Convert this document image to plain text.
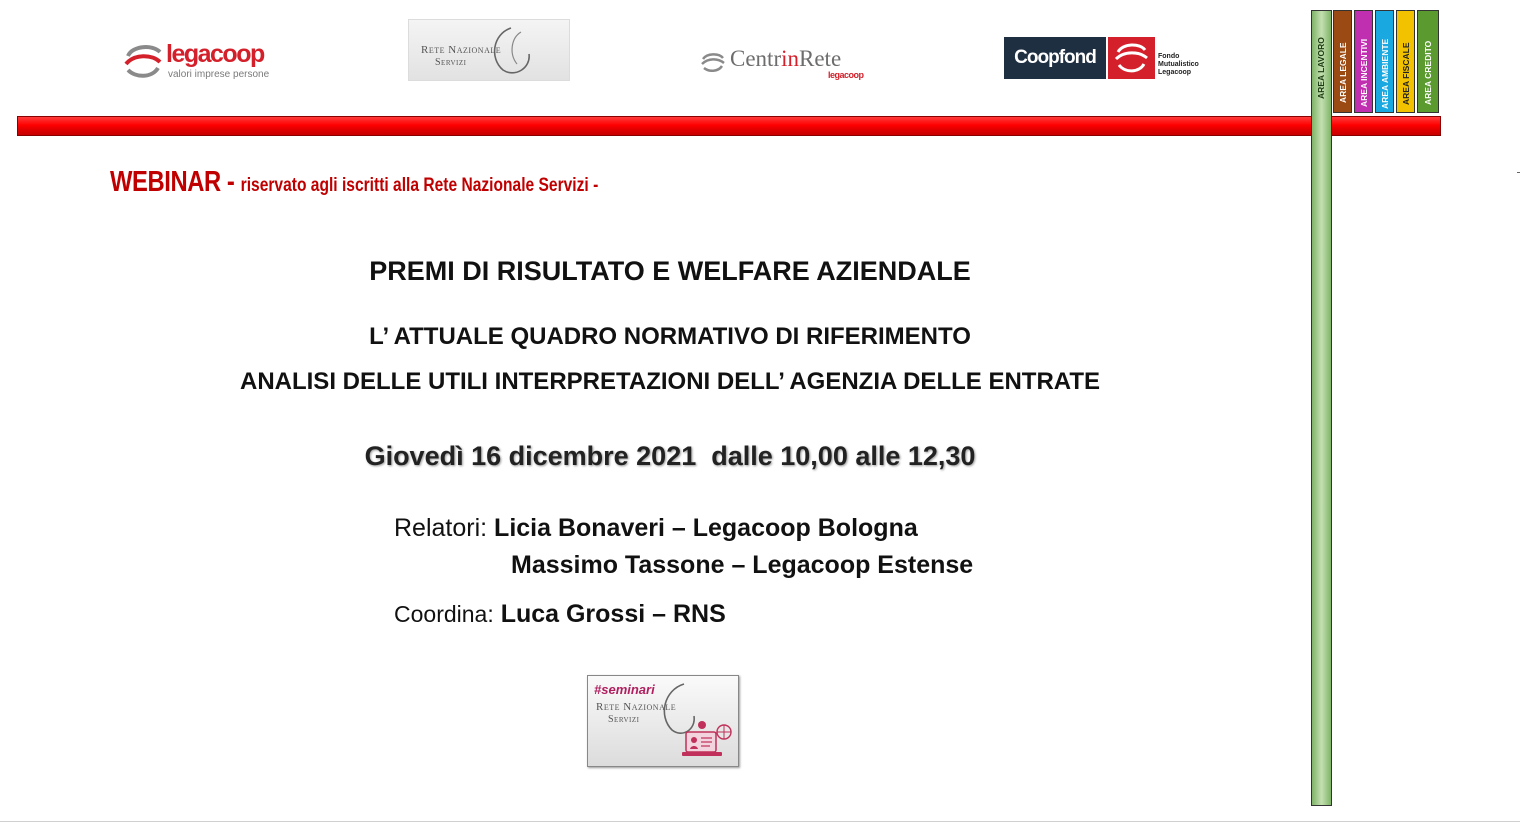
legacoop
valori imprese persone
Rete Nazionale
Servizi	CentrinRete
legacoop
Coopfond	Fondo
Mutualistico
Legacoop	AREA LAVORO AREA LEGALE AREA INCENTIVI AREA AMBIENTE AREA FISCALE AREA CREDITO
WEBINAR - riservato agli iscritti alla Rete Nazionale Servizi -
PREMI DI RISULTATO E WELFARE AZIENDALE
L’ ATTUALE QUADRO NORMATIVO DI RIFERIMENTO
ANALISI DELLE UTILI INTERPRETAZIONI DELL’ AGENZIA DELLE ENTRATE
Giovedì 16 dicembre 2021  dalle 10,00 alle 12,30
Relatori: Licia Bonaveri – Legacoop Bologna
Massimo Tassone – Legacoop Estense
Coordina: Luca Grossi – RNS
#seminari
Rete Nazionale
Servizi
